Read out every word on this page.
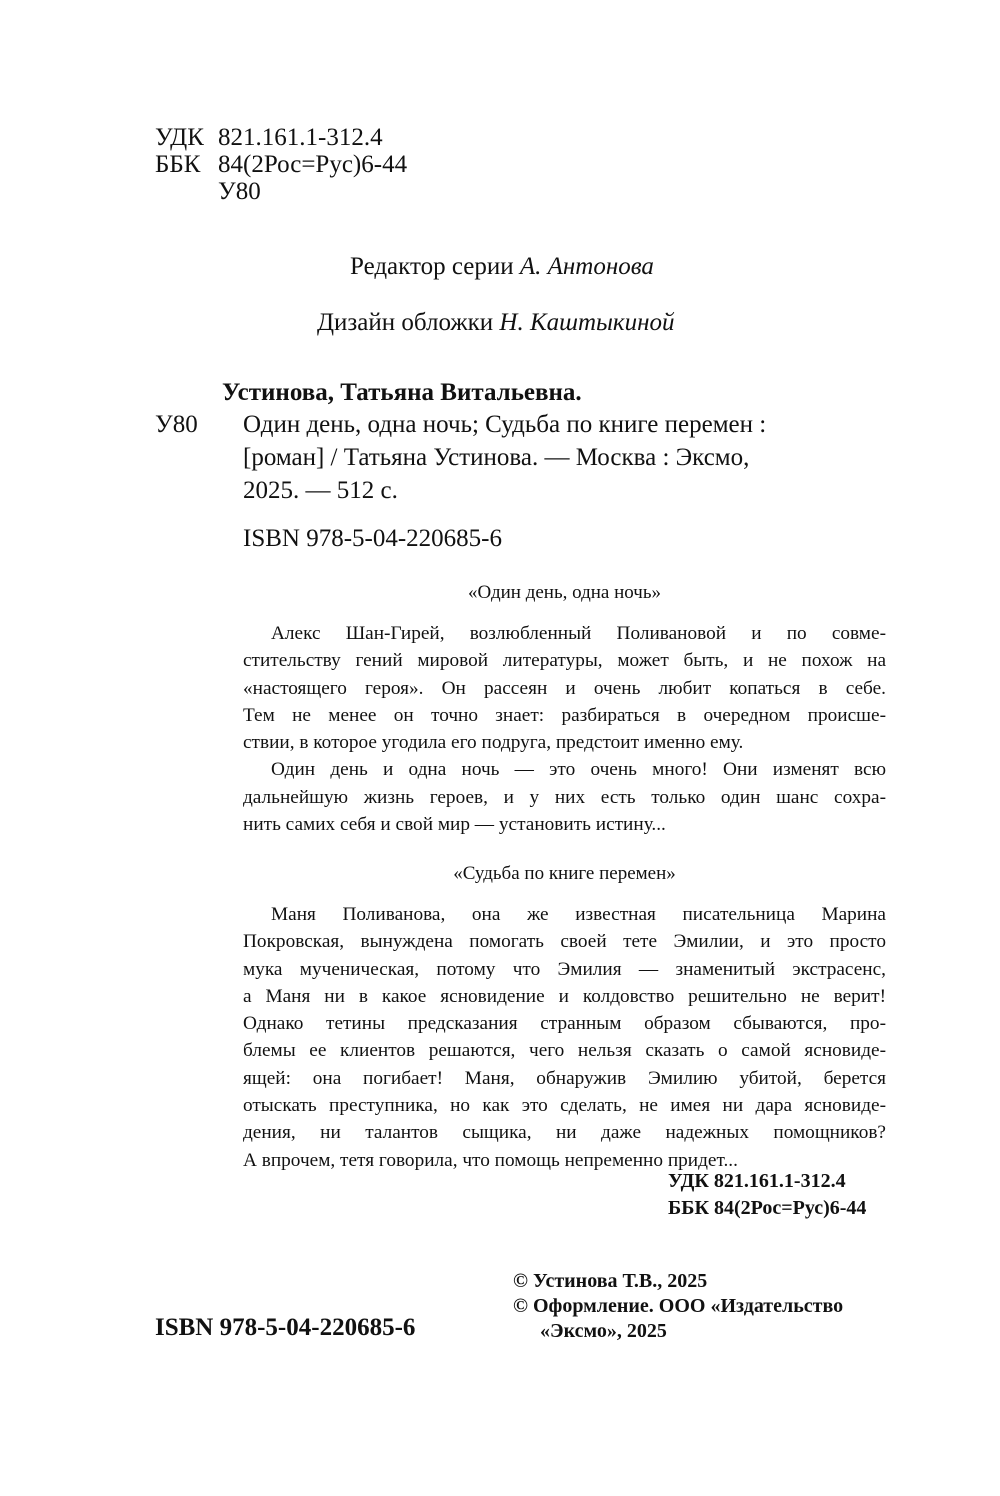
УДК 821.161.1-312.4
ББК 84(2Рос=Рус)6-44
У80
Редактор серии А. Антонова
Дизайн обложки Н. Каштыкиной
Устинова, Татьяна Витальевна.
У80 Один день, одна ночь; Судьба по книге перемен :
[роман] / Татьяна Устинова. — Москва : Эксмо,
2025. — 512 с.
ISBN 978-5-04-220685-6
«Один день, одна ночь»
Алекс Шан-Гирей, возлюбленный Поливановой и по совме-
стительству гений мировой литературы, может быть, и не похож на
«настоящего героя». Он рассеян и очень любит копаться в себе.
Тем не менее он точно знает: разбираться в очередном происше-
ствии, в которое угодила его подруга, предстоит именно ему.
Один день и одна ночь — это очень много! Они изменят всю
дальнейшую жизнь героев, и у них есть только один шанс сохра-
нить самих себя и свой мир — установить истину...
«Судьба по книге перемен»
Маня Поливанова, она же известная писательница Марина
Покровская, вынуждена помогать своей тете Эмилии, и это просто
мука мученическая, потому что Эмилия — знаменитый экстрасенс,
а Маня ни в какое ясновидение и колдовство решительно не верит!
Однако тетины предсказания странным образом сбываются, про-
блемы ее клиентов решаются, чего нельзя сказать о самой ясновиде-
ящей: она погибает! Маня, обнаружив Эмилию убитой, берется
отыскать преступника, но как это сделать, не имея ни дара ясновиде-
дения, ни талантов сыщика, ни даже надежных помощников?
А впрочем, тетя говорила, что помощь непременно придет...
УДК 821.161.1-312.4
ББК 84(2Рос=Рус)6-44
ISBN 978-5-04-220685-6
© Устинова Т.В., 2025
© Оформление. ООО «Издательство
«Эксмо», 2025
